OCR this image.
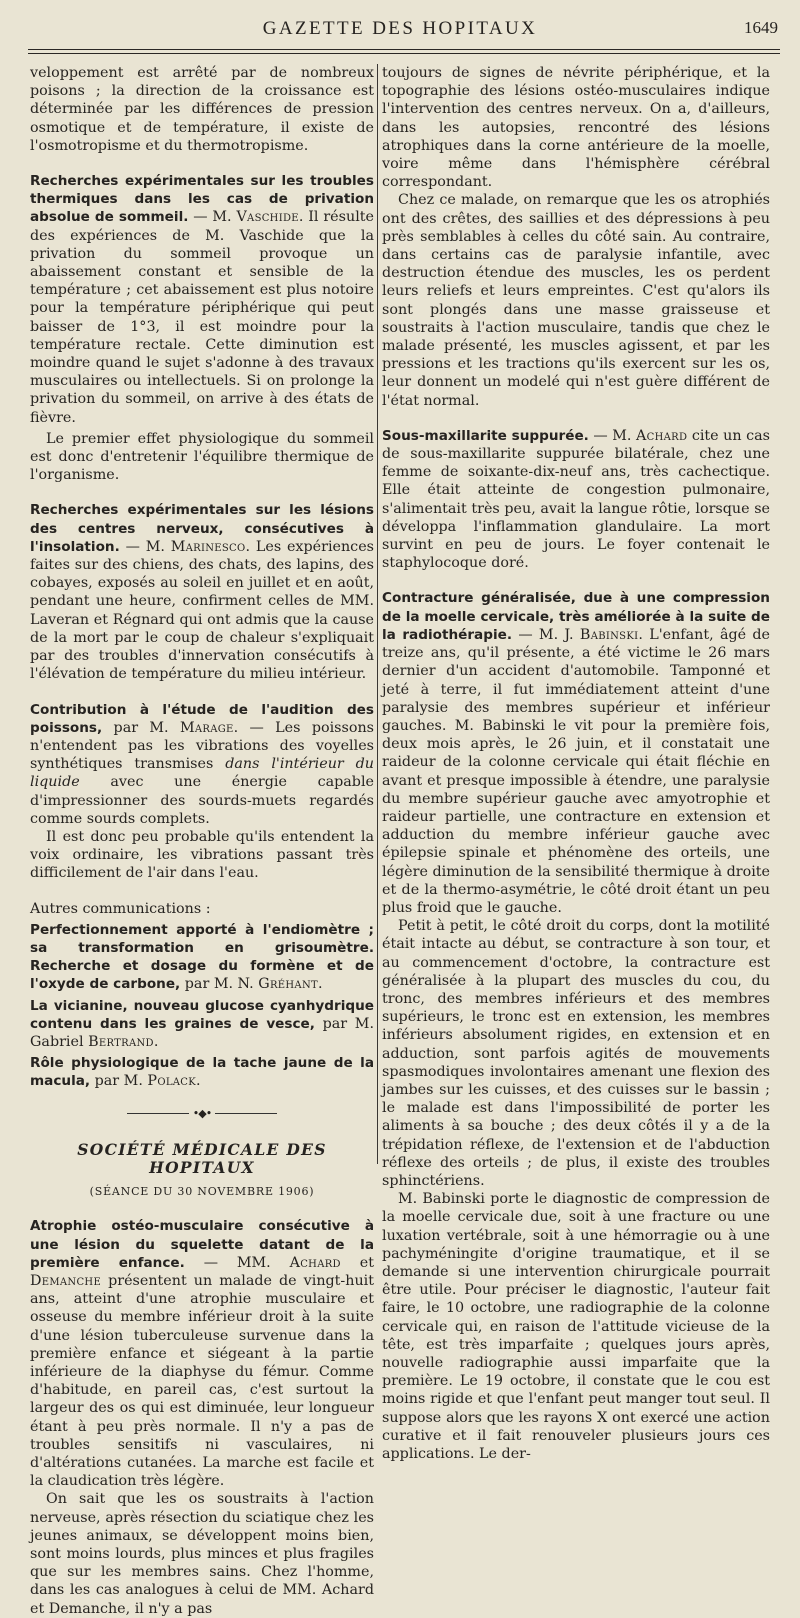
GAZETTE DES HOPITAUX	1649

veloppement est arrêté par de nombreux poisons ; la direction de la croissance est déterminée par les différences de pression osmotique et de température, il existe de l'osmotropisme et du thermotropisme.

Recherches expérimentales sur les troubles thermiques dans les cas de privation absolue de sommeil. — M. Vaschide. Il résulte des expériences de M. Vaschide que la privation du sommeil provoque un abaissement constant et sensible de la température ; cet abaissement est plus notoire pour la température périphérique qui peut baisser de 1°3, il est moindre pour la température rectale. Cette diminution est moindre quand le sujet s'adonne à des travaux musculaires ou intellectuels. Si on prolonge la privation du sommeil, on arrive à des états de fièvre.

Le premier effet physiologique du sommeil est donc d'entretenir l'équilibre thermique de l'organisme.

Recherches expérimentales sur les lésions des centres nerveux, consécutives à l'insolation. — M. Marinesco. Les expériences faites sur des chiens, des chats, des lapins, des cobayes, exposés au soleil en juillet et en août, pendant une heure, confirment celles de MM. Laveran et Régnard qui ont admis que la cause de la mort par le coup de chaleur s'expliquait par des troubles d'innervation consécutifs à l'élévation de température du milieu intérieur.

Contribution à l'étude de l'audition des poissons, par M. Marage. — Les poissons n'entendent pas les vibrations des voyelles synthétiques transmises dans l'intérieur du liquide avec une énergie capable d'impressionner des sourds-muets regardés comme sourds complets.

Il est donc peu probable qu'ils entendent la voix ordinaire, les vibrations passant très difficilement de l'air dans l'eau.

Autres communications :

Perfectionnement apporté à l'endiomètre ; sa transformation en grisoumètre. Recherche et dosage du formène et de l'oxyde de carbone, par M. N. Gréhant.

La vicianine, nouveau glucose cyanhydrique contenu dans les graines de vesce, par M. Gabriel Bertrand.

Rôle physiologique de la tache jaune de la macula, par M. Polack.

•◆•
SOCIÉTÉ MÉDICALE DES HOPITAUX
(SÉANCE DU 30 NOVEMBRE 1906)

Atrophie ostéo-musculaire consécutive à une lésion du squelette datant de la première enfance. — MM. Achard et Demanche présentent un malade de vingt-huit ans, atteint d'une atrophie musculaire et osseuse du membre inférieur droit à la suite d'une lésion tuberculeuse survenue dans la première enfance et siégeant à la partie inférieure de la diaphyse du fémur. Comme d'habitude, en pareil cas, c'est surtout la largeur des os qui est diminuée, leur longueur étant à peu près normale. Il n'y a pas de troubles sensitifs ni vasculaires, ni d'altérations cutanées. La marche est facile et la claudication très légère.

On sait que les os soustraits à l'action nerveuse, après résection du sciatique chez les jeunes animaux, se développent moins bien, sont moins lourds, plus minces et plus fragiles que sur les membres sains. Chez l'homme, dans les cas analogues à celui de MM. Achard et Demanche, il n'y a pas

toujours de signes de névrite périphérique, et la topographie des lésions ostéo-musculaires indique l'intervention des centres nerveux. On a, d'ailleurs, dans les autopsies, rencontré des lésions atrophiques dans la corne antérieure de la moelle, voire même dans l'hémisphère cérébral correspondant.

Chez ce malade, on remarque que les os atrophiés ont des crêtes, des saillies et des dépressions à peu près semblables à celles du côté sain. Au contraire, dans certains cas de paralysie infantile, avec destruction étendue des muscles, les os perdent leurs reliefs et leurs empreintes. C'est qu'alors ils sont plongés dans une masse graisseuse et soustraits à l'action musculaire, tandis que chez le malade présenté, les muscles agissent, et par les pressions et les tractions qu'ils exercent sur les os, leur donnent un modelé qui n'est guère différent de l'état normal.

Sous-maxillarite suppurée. — M. Achard cite un cas de sous-maxillarite suppurée bilatérale, chez une femme de soixante-dix-neuf ans, très cachectique. Elle était atteinte de congestion pulmonaire, s'alimentait très peu, avait la langue rôtie, lorsque se développa l'inflammation glandulaire. La mort survint en peu de jours. Le foyer contenait le staphylocoque doré.

Contracture généralisée, due à une compression de la moelle cervicale, très améliorée à la suite de la radiothérapie. — M. J. Babinski. L'enfant, âgé de treize ans, qu'il présente, a été victime le 26 mars dernier d'un accident d'automobile. Tamponné et jeté à terre, il fut immédiatement atteint d'une paralysie des membres supérieur et inférieur gauches. M. Babinski le vit pour la première fois, deux mois après, le 26 juin, et il constatait une raideur de la colonne cervicale qui était fléchie en avant et presque impossible à étendre, une paralysie du membre supérieur gauche avec amyotrophie et raideur partielle, une contracture en extension et adduction du membre inférieur gauche avec épilepsie spinale et phénomène des orteils, une légère diminution de la sensibilité thermique à droite et de la thermo-asymétrie, le côté droit étant un peu plus froid que le gauche.

Petit à petit, le côté droit du corps, dont la motilité était intacte au début, se contracture à son tour, et au commencement d'octobre, la contracture est généralisée à la plupart des muscles du cou, du tronc, des membres inférieurs et des membres supérieurs, le tronc est en extension, les membres inférieurs absolument rigides, en extension et en adduction, sont parfois agités de mouvements spasmodiques involontaires amenant une flexion des jambes sur les cuisses, et des cuisses sur le bassin ; le malade est dans l'impossibilité de porter les aliments à sa bouche ; des deux côtés il y a de la trépidation réflexe, de l'extension et de l'abduction réflexe des orteils ; de plus, il existe des troubles sphinctériens.

M. Babinski porte le diagnostic de compression de la moelle cervicale due, soit à une fracture ou une luxation vertébrale, soit à une hémorragie ou à une pachyméningite d'origine traumatique, et il se demande si une intervention chirurgicale pourrait être utile. Pour préciser le diagnostic, l'auteur fait faire, le 10 octobre, une radiographie de la colonne cervicale qui, en raison de l'attitude vicieuse de la tête, est très imparfaite ; quelques jours après, nouvelle radiographie aussi imparfaite que la première. Le 19 octobre, il constate que le cou est moins rigide et que l'enfant peut manger tout seul. Il suppose alors que les rayons X ont exercé une action curative et il fait renouveler plusieurs jours ces applications. Le der-
